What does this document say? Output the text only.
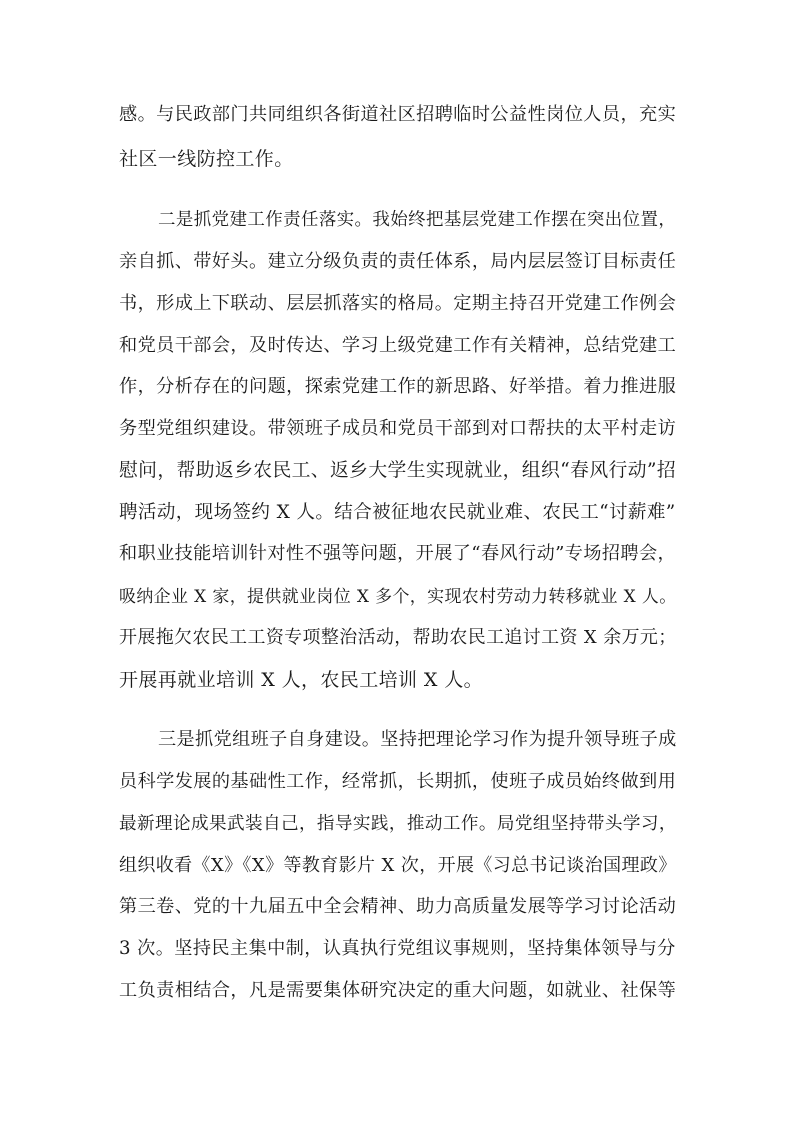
感。与民政部门共同组织各街道社区招聘临时公益性岗位人员，充实
社区一线防控工作。
二是抓党建工作责任落实。我始终把基层党建工作摆在突出位置，
亲自抓、带好头。建立分级负责的责任体系，局内层层签订目标责任
书，形成上下联动、层层抓落实的格局。定期主持召开党建工作例会
和党员干部会，及时传达、学习上级党建工作有关精神，总结党建工
作，分析存在的问题，探索党建工作的新思路、好举措。着力推进服
务型党组织建设。带领班子成员和党员干部到对口帮扶的太平村走访
慰问，帮助返乡农民工、返乡大学生实现就业，组织“春风行动”招
聘活动，现场签约 X 人。结合被征地农民就业难、农民工“讨薪难”
和职业技能培训针对性不强等问题，开展了“春风行动”专场招聘会，
吸纳企业 X 家，提供就业岗位 X 多个，实现农村劳动力转移就业 X 人。
开展拖欠农民工工资专项整治活动，帮助农民工追讨工资 X 余万元；
开展再就业培训 X 人，农民工培训 X 人。
三是抓党组班子自身建设。坚持把理论学习作为提升领导班子成
员科学发展的基础性工作，经常抓，长期抓，使班子成员始终做到用
最新理论成果武装自己，指导实践，推动工作。局党组坚持带头学习，
组织收看《X》《X》等教育影片 X 次，开展《习总书记谈治国理政》
第三卷、党的十九届五中全会精神、助力高质量发展等学习讨论活动
3 次。坚持民主集中制，认真执行党组议事规则，坚持集体领导与分
工负责相结合，凡是需要集体研究决定的重大问题，如就业、社保等
